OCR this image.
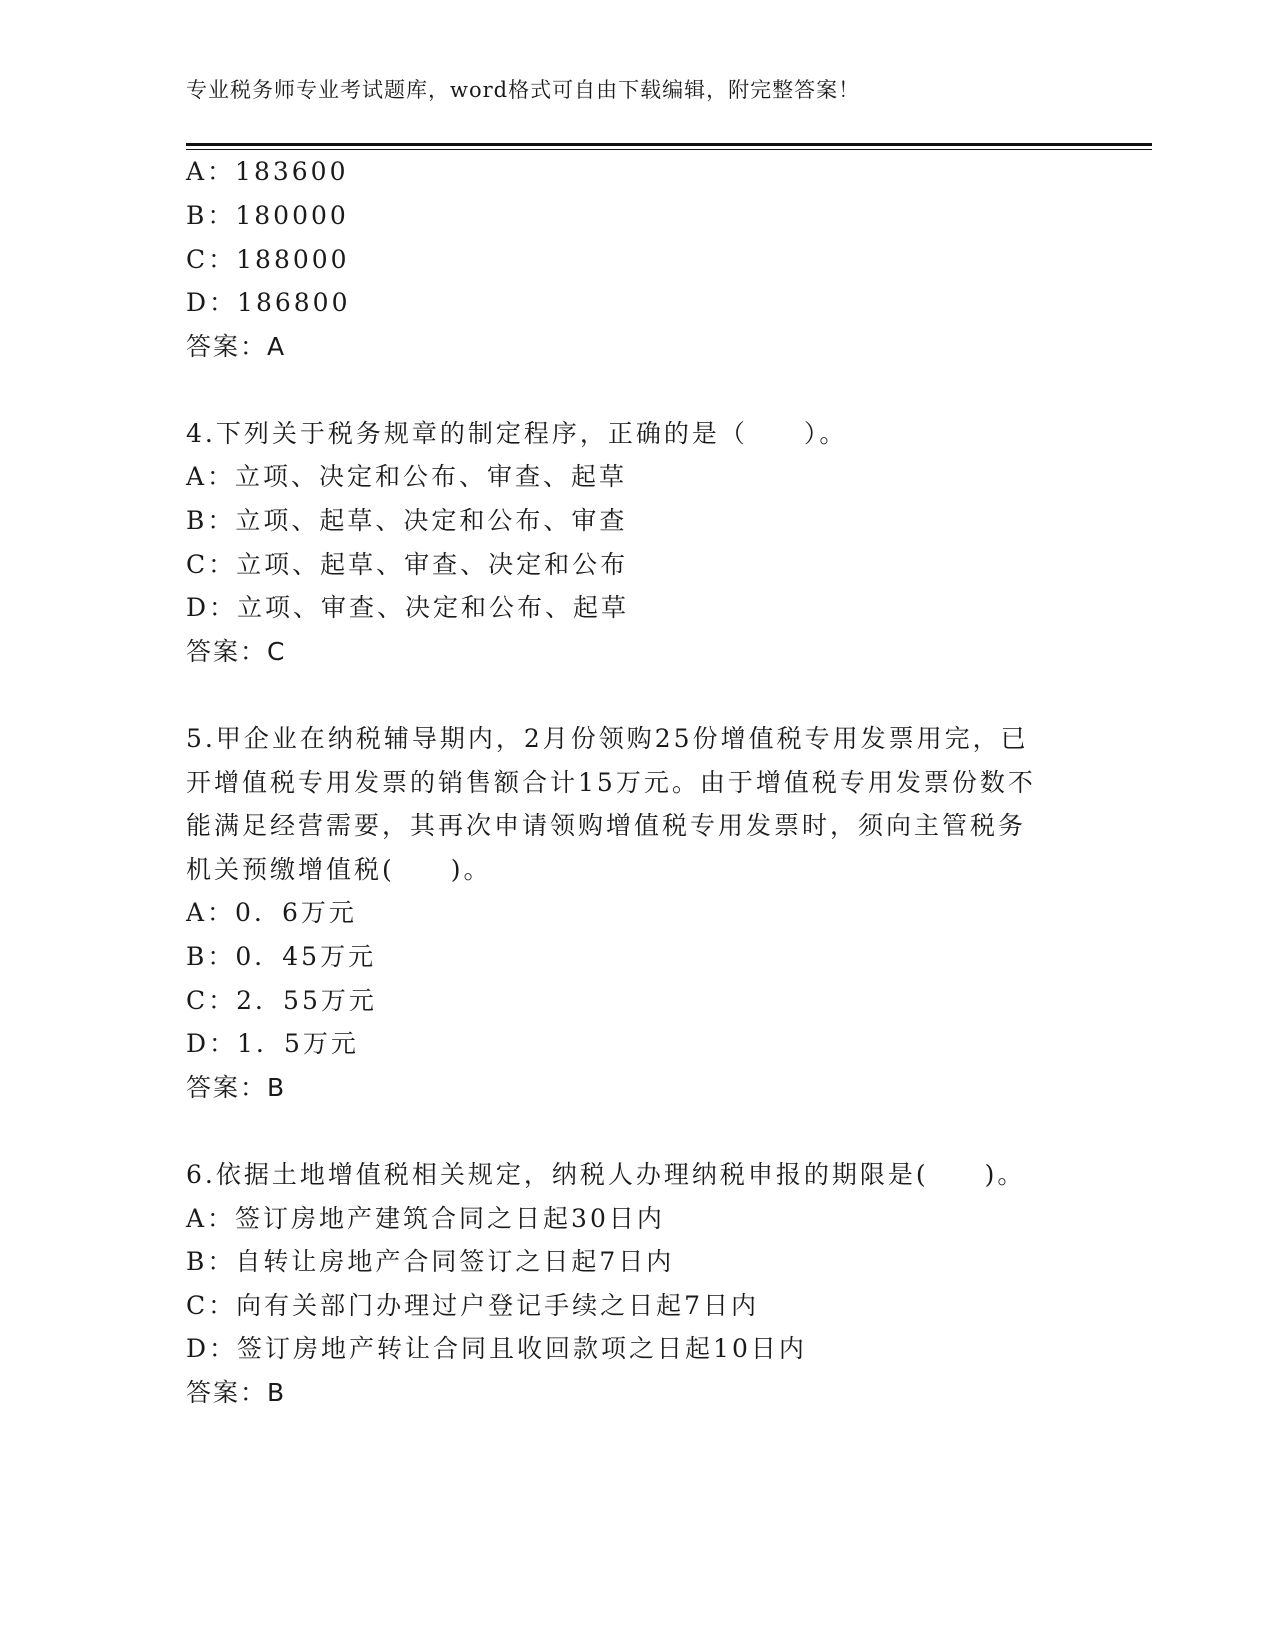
专业税务师专业考试题库，word格式可自由下载编辑，附完整答案！
A：183600
B：180000
C：188000
D：186800
答案：A
4.下列关于税务规章的制定程序，正确的是（　　）。
A：立项、决定和公布、审查、起草
B：立项、起草、决定和公布、审查
C：立项、起草、审查、决定和公布
D：立项、审查、决定和公布、起草
答案：C
5.甲企业在纳税辅导期内，2月份领购25份增值税专用发票用完，已
开增值税专用发票的销售额合计15万元。由于增值税专用发票份数不
能满足经营需要，其再次申请领购增值税专用发票时，须向主管税务
机关预缴增值税(　　)。
A：0．6万元
B：0．45万元
C：2．55万元
D：1．5万元
答案：B
6.依据土地增值税相关规定，纳税人办理纳税申报的期限是(　　)。
A：签订房地产建筑合同之日起30日内
B：自转让房地产合同签订之日起7日内
C：向有关部门办理过户登记手续之日起7日内
D：签订房地产转让合同且收回款项之日起10日内
答案：B
